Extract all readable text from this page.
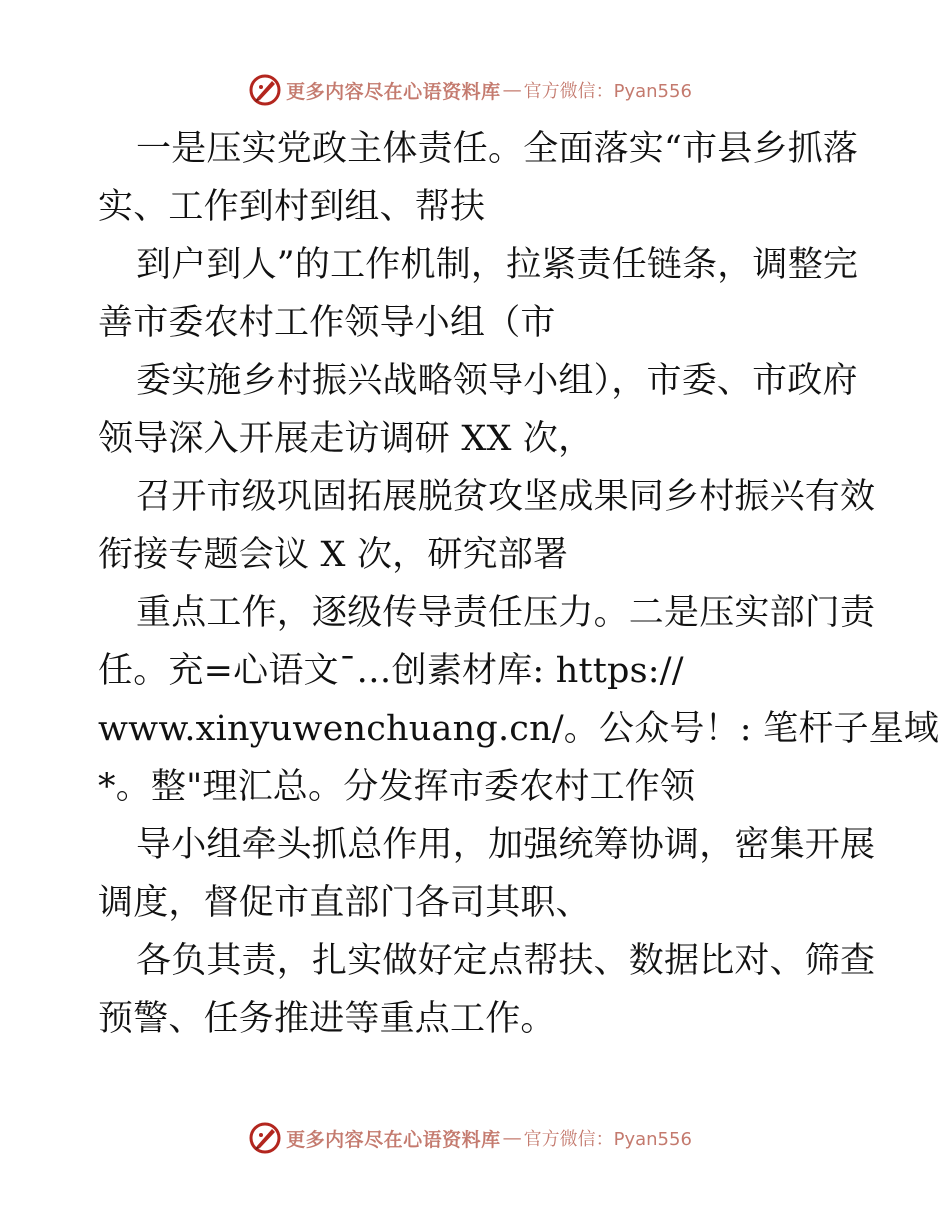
更多内容尽在心语资料库 — 官方微信：Pyan556
一是压实党政主体责任。全面落实“市县乡抓落
实、工作到村到组、帮扶
到户到人”的工作机制，拉紧责任链条，调整完
善市委农村工作领导小组（市
委实施乡村振兴战略领导小组），市委、市政府
领导深入开展走访调研 XX 次，
召开市级巩固拓展脱贫攻坚成果同乡村振兴有效
衔接专题会议 X 次，研究部署
重点工作，逐级传导责任压力。二是压实部门责
任。充=心语文¯…创素材库: https://
www.xinyuwenchuang.cn/。公众号！: 笔杆子星域
*。整"理汇总。分发挥市委农村工作领
导小组牵头抓总作用，加强统筹协调，密集开展
调度，督促市直部门各司其职、
各负其责，扎实做好定点帮扶、数据比对、筛查
预警、任务推进等重点工作。
更多内容尽在心语资料库 — 官方微信：Pyan556
